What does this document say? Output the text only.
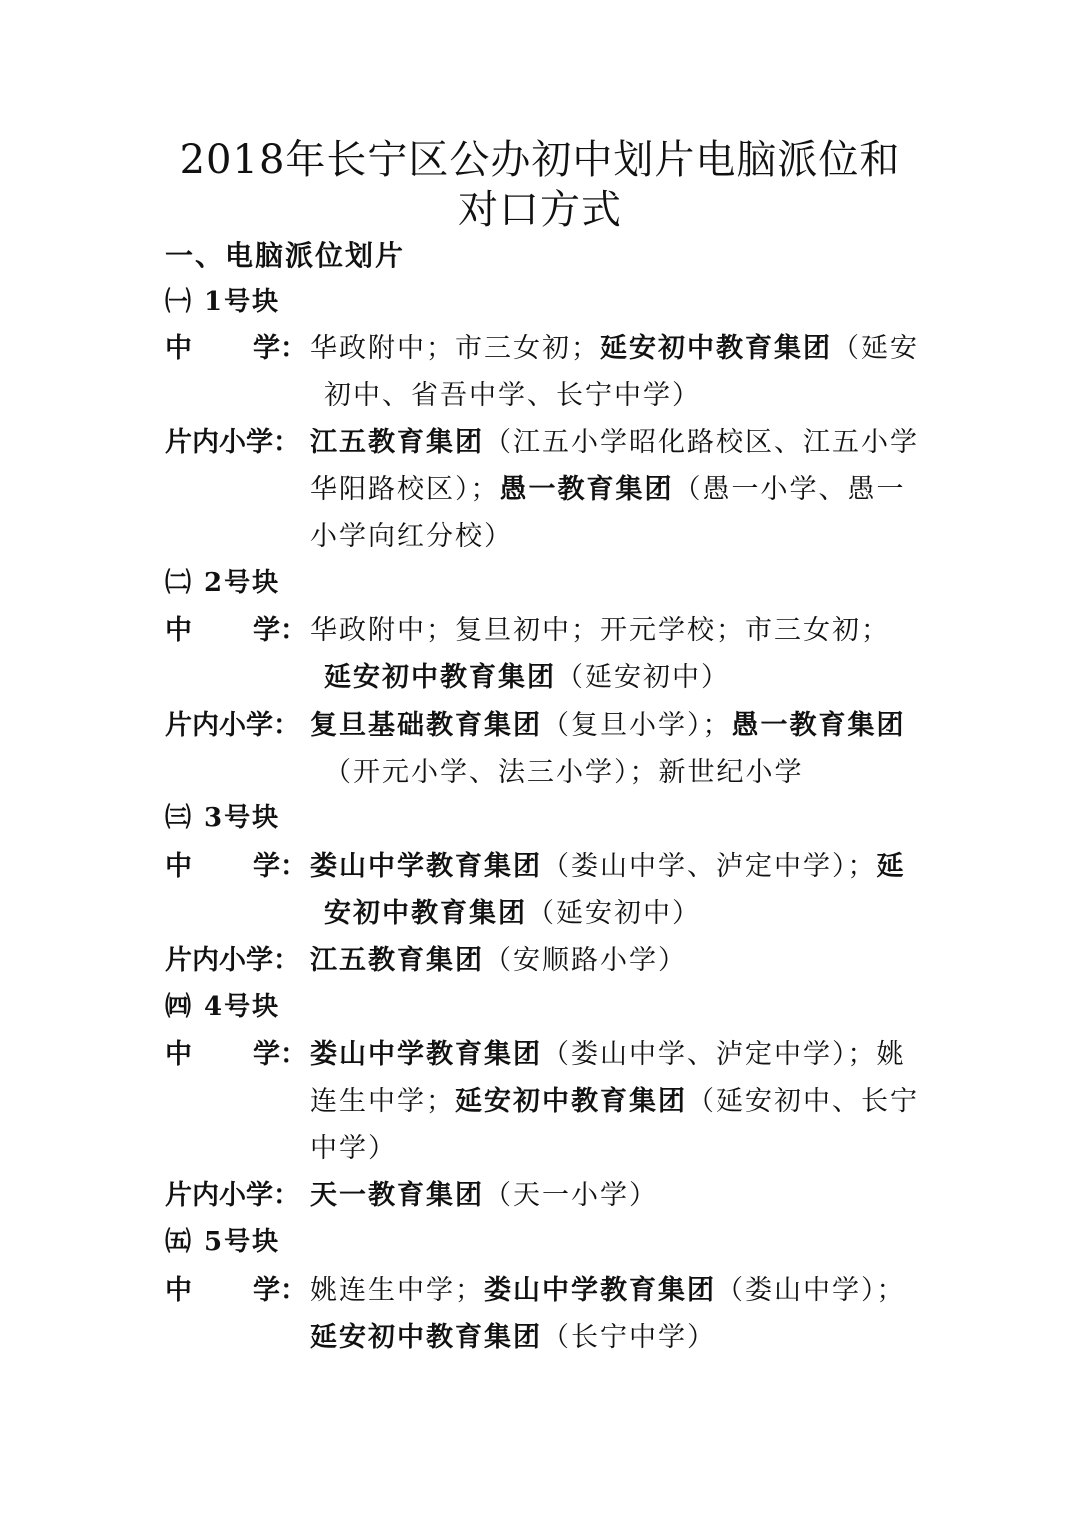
2018年长宁区公办初中划片电脑派位和
对口方式
一、电脑派位划片
㈠ 1号块
中 学： 华政附中；市三女初；延安初中教育集团（延安
初中、省吾中学、长宁中学）
片内小学： 江五教育集团（江五小学昭化路校区、江五小学
华阳路校区）；愚一教育集团（愚一小学、愚一
小学向红分校）
㈡ 2号块
中 学： 华政附中；复旦初中；开元学校；市三女初；
延安初中教育集团（延安初中）
片内小学： 复旦基础教育集团（复旦小学）；愚一教育集团
（开元小学、法三小学）；新世纪小学
㈢ 3号块
中 学： 娄山中学教育集团（娄山中学、泸定中学）；延
安初中教育集团（延安初中）
片内小学： 江五教育集团（安顺路小学）
㈣ 4号块
中 学： 娄山中学教育集团（娄山中学、泸定中学）；姚
连生中学；延安初中教育集团（延安初中、长宁
中学）
片内小学： 天一教育集团（天一小学）
㈤ 5号块
中 学： 姚连生中学；娄山中学教育集团（娄山中学）；
延安初中教育集团（长宁中学）
